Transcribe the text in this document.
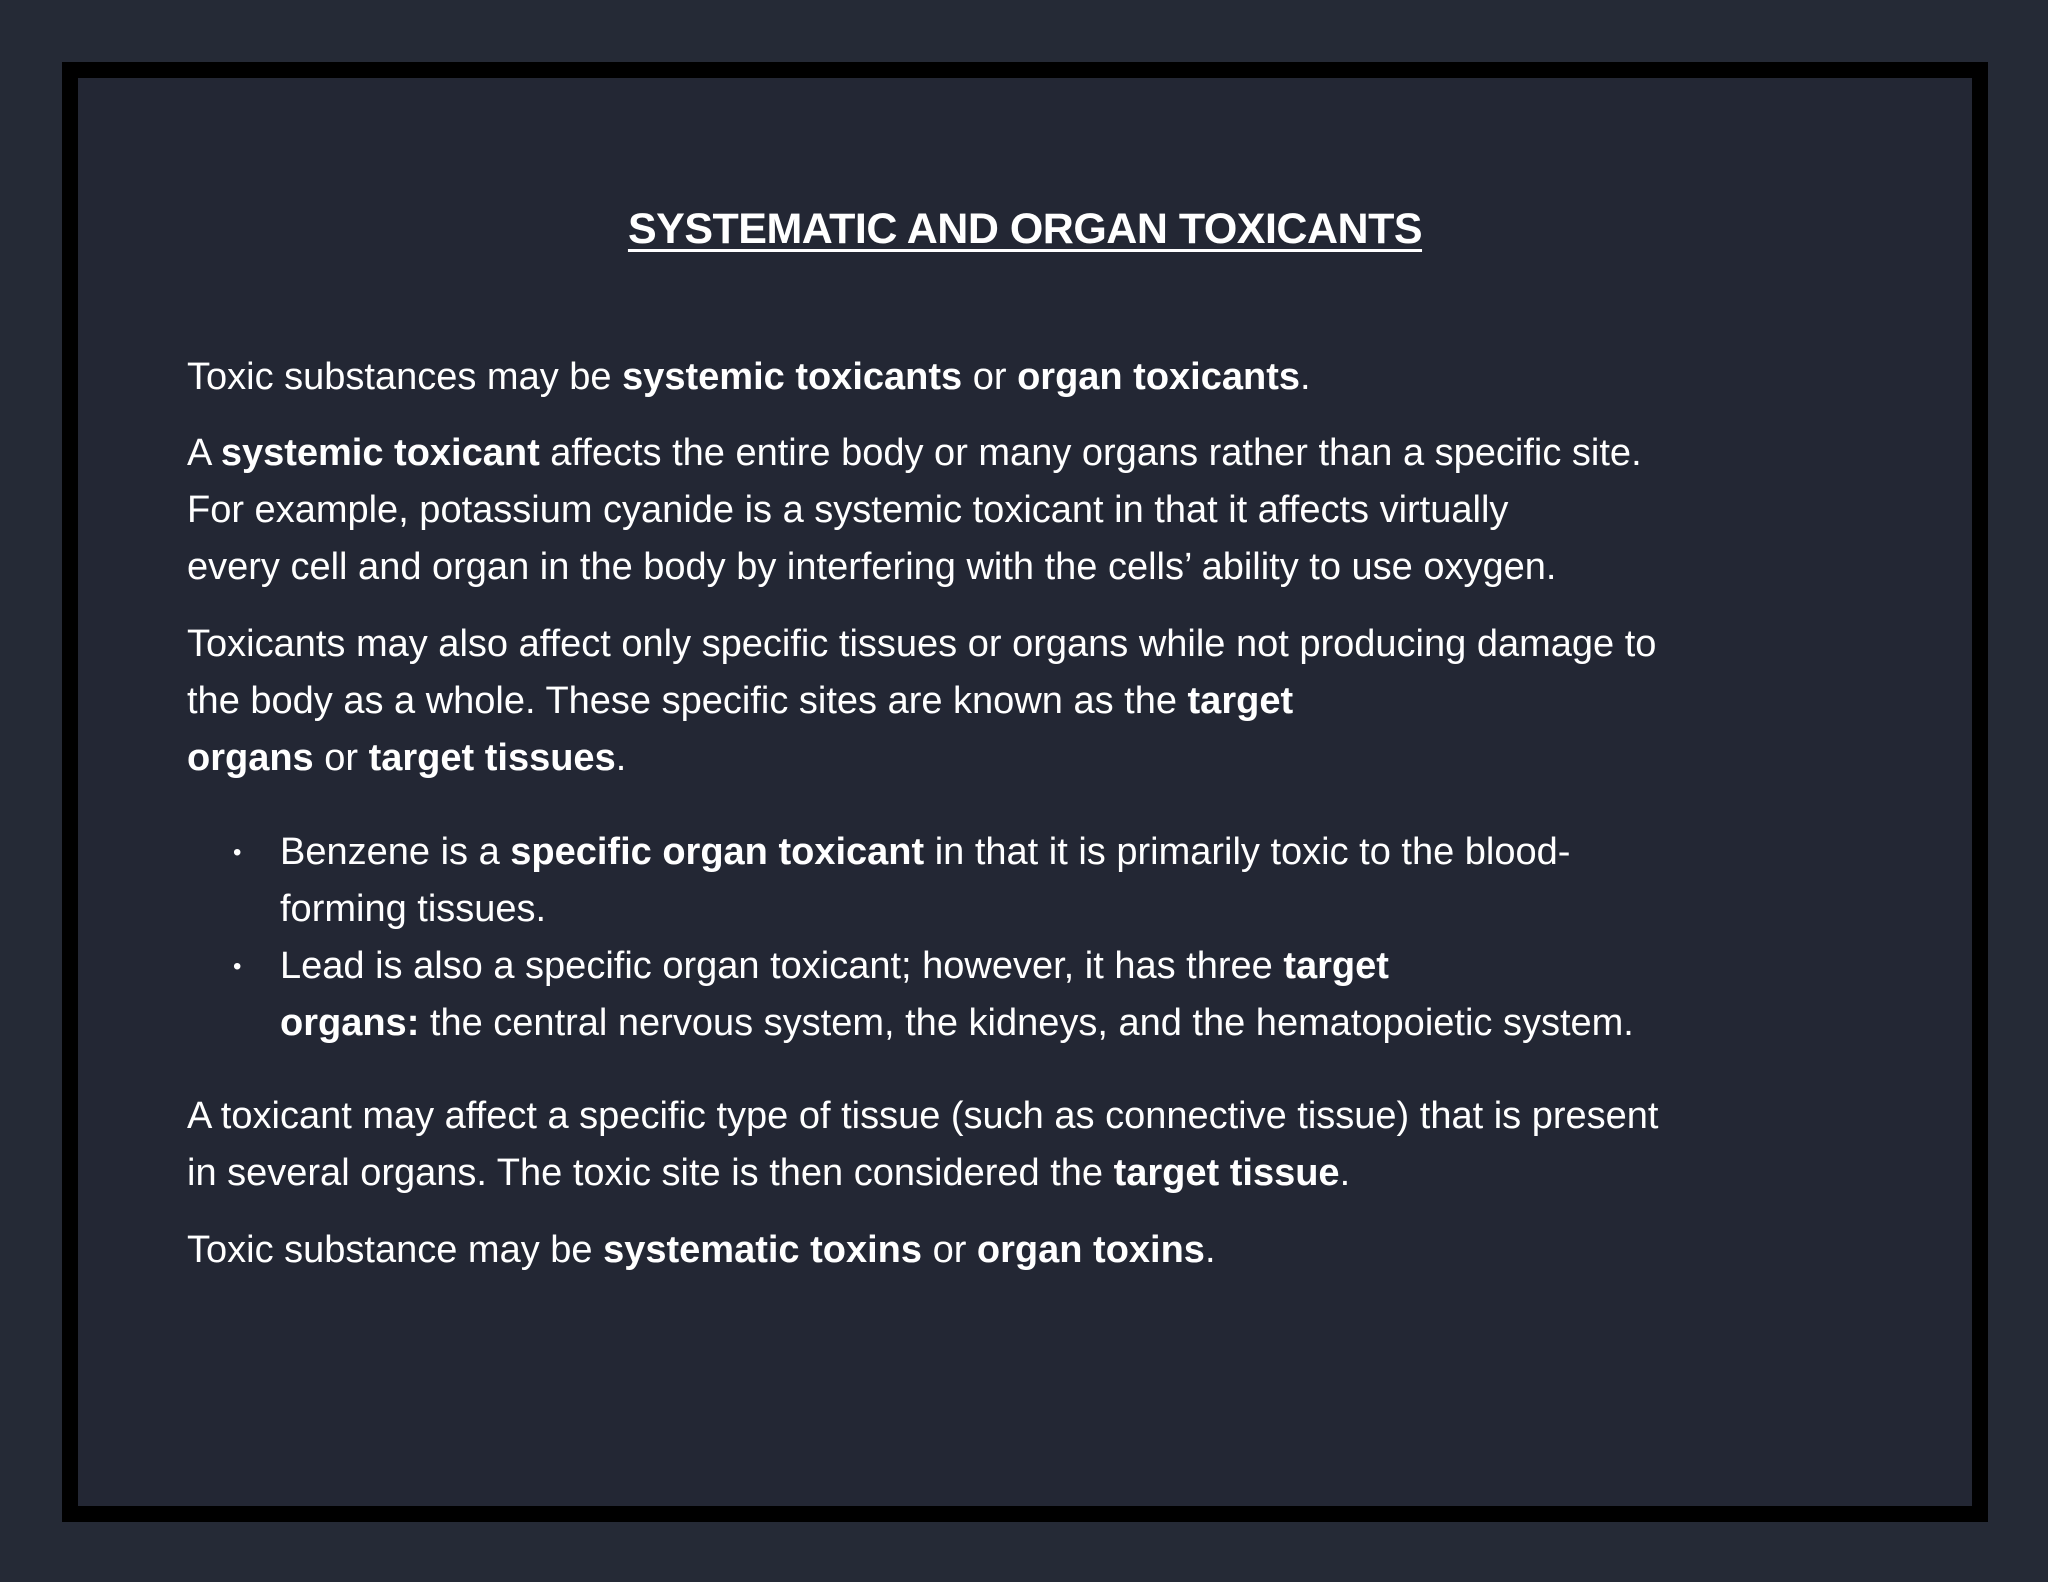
SYSTEMATIC AND ORGAN TOXICANTS

Toxic substances may be systemic toxicants or organ toxicants.

A systemic toxicant affects the entire body or many organs rather than a specific site.

For example, potassium cyanide is a systemic toxicant in that it affects virtually

every cell and organ in the body by interfering with the cells’ ability to use oxygen.

Toxicants may also affect only specific tissues or organs while not producing damage to

the body as a whole. These specific sites are known as the target

organs or target tissues.

• Benzene is a specific organ toxicant in that it is primarily toxic to the blood-
forming tissues.
• Lead is also a specific organ toxicant; however, it has three target
organs: the central nervous system, the kidneys, and the hematopoietic system.

A toxicant may affect a specific type of tissue (such as connective tissue) that is present

in several organs. The toxic site is then considered the target tissue.

Toxic substance may be systematic toxins or organ toxins.
